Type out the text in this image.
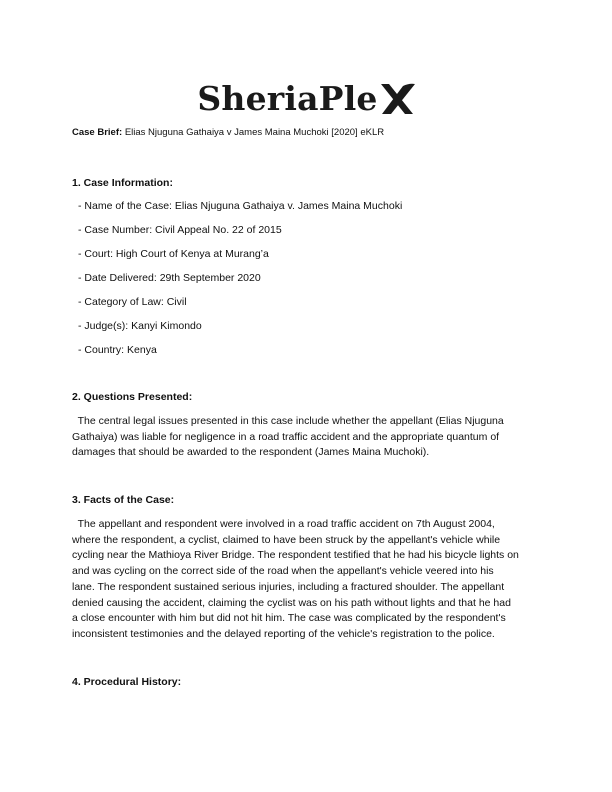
SheriaPle
Case Brief: Elias Njuguna Gathaiya v James Maina Muchoki [2020] eKLR
1. Case Information:
- Name of the Case: Elias Njuguna Gathaiya v. James Maina Muchoki
- Case Number: Civil Appeal No. 22 of 2015
- Court: High Court of Kenya at Murang’a
- Date Delivered: 29th September 2020
- Category of Law: Civil
- Judge(s): Kanyi Kimondo
- Country: Kenya
2. Questions Presented:
The central legal issues presented in this case include whether the appellant (Elias Njuguna
Gathaiya) was liable for negligence in a road traffic accident and the appropriate quantum of
damages that should be awarded to the respondent (James Maina Muchoki).
3. Facts of the Case:
The appellant and respondent were involved in a road traffic accident on 7th August 2004,
where the respondent, a cyclist, claimed to have been struck by the appellant's vehicle while
cycling near the Mathioya River Bridge. The respondent testified that he had his bicycle lights on
and was cycling on the correct side of the road when the appellant's vehicle veered into his
lane. The respondent sustained serious injuries, including a fractured shoulder. The appellant
denied causing the accident, claiming the cyclist was on his path without lights and that he had
a close encounter with him but did not hit him. The case was complicated by the respondent's
inconsistent testimonies and the delayed reporting of the vehicle's registration to the police.
4. Procedural History:
